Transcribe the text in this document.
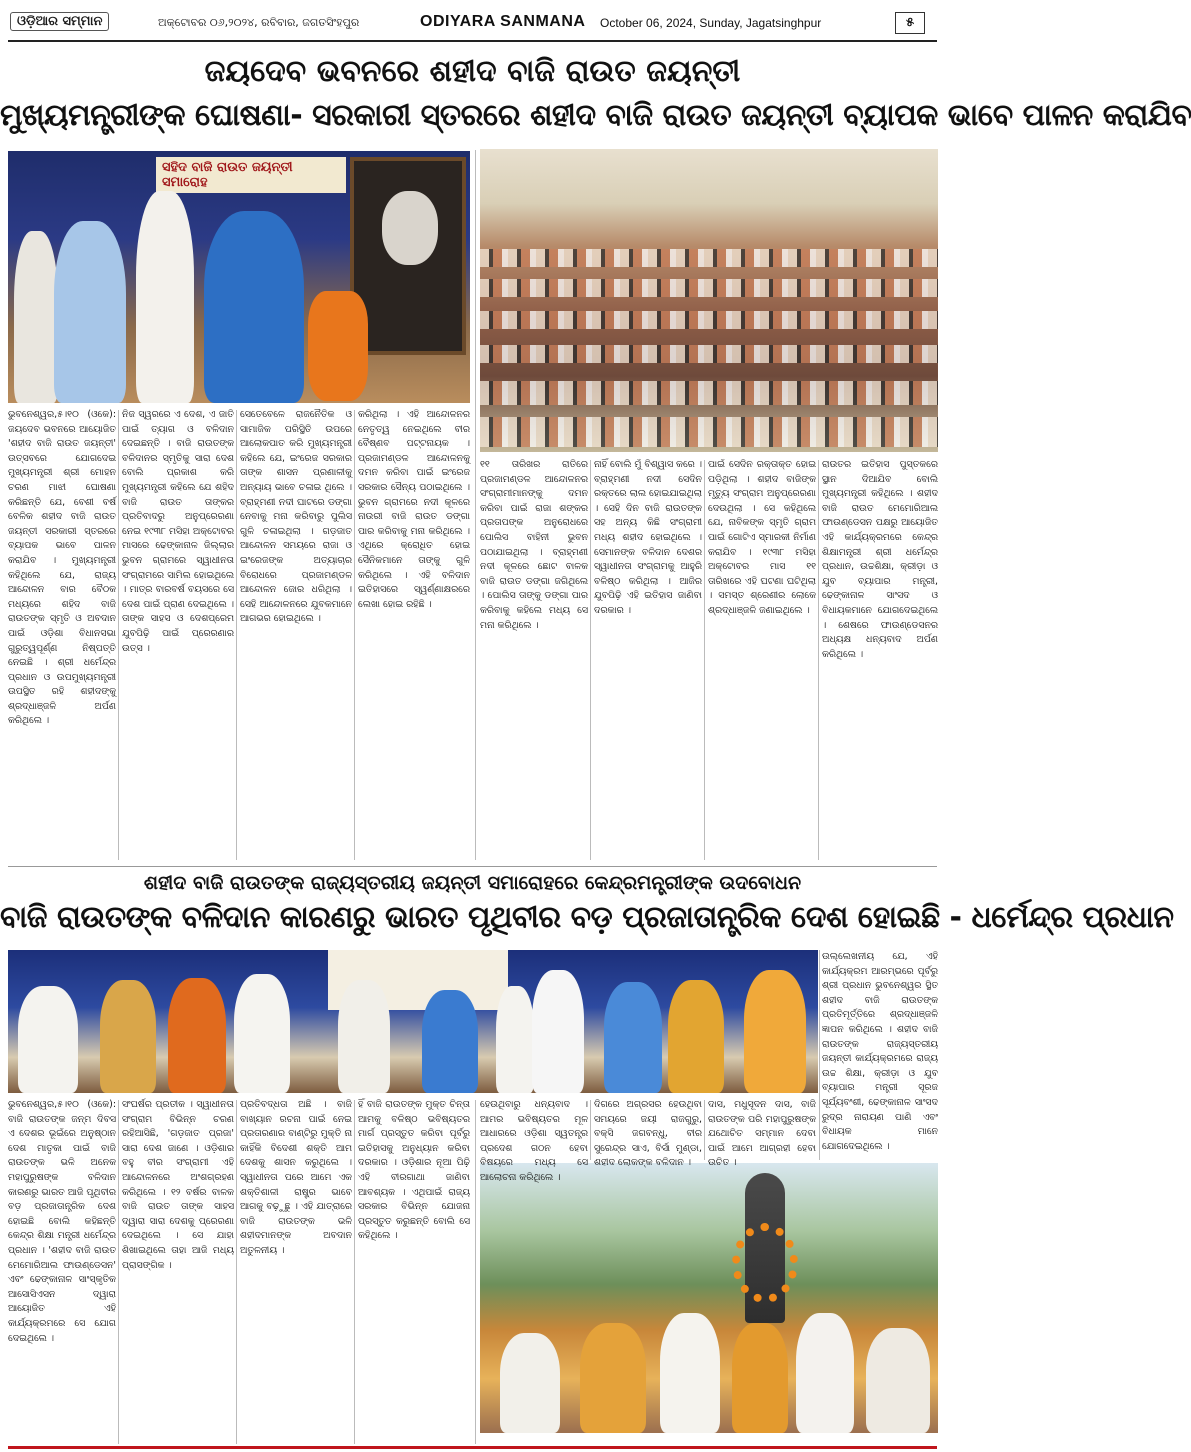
ଓଡ଼ିଆର ସମ୍ମାନ	ଅକ୍ଟୋବର ୦୬,୨୦୨୪, ରବିବାର, ଜଗତସିଂହପୁର	ODIYARA SANMANA October 06, 2024, Sunday, Jagatsinghpur	୫
ଜୟଦେବ ଭବନରେ ଶହୀଦ ବାଜି ରାଉତ ଜୟନ୍ତୀ
ମୁଖ୍ୟମନ୍ତ୍ରୀଙ୍କ ଘୋଷଣା- ସରକାରୀ ସ୍ତରରେ ଶହୀଦ ବାଜି ରାଉତ ଜୟନ୍ତୀ ବ୍ୟାପକ ଭାବେ ପାଳନ କରାଯିବ
ସହିଦ ବାଜି ରାଉତ ଜୟନ୍ତୀ ସମାରୋହ
ଭୁବନେଶ୍ୱର,୫।୧୦ (ଓକେ): ଜୟଦେବ ଭବନରେ ଆୟୋଜିତ 'ଶହୀଦ ବାଜି ରାଉତ ଜୟନ୍ତୀ' ଉତ୍ସବରେ ଯୋଗଦେଇ ମୁଖ୍ୟମନ୍ତ୍ରୀ ଶ୍ରୀ ମୋହନ ଚରଣ ମାଝୀ ଘୋଷଣା କରିଛନ୍ତି ଯେ, ବେଶୀ ବର୍ଷ ବେଳିକ ଶହୀଦ ବାଜି ରାଉତ ଜୟନ୍ତୀ ସରକାରୀ ସ୍ତରରେ ବ୍ୟାପକ ଭାବେ ପାଳନ କରାଯିବ । ମୁଖ୍ୟମନ୍ତ୍ରୀ କହିଥିଲେ ଯେ, ରାଜ୍ୟ ଆନ୍ଦୋଳନ ବାର ବୈଠକ ମଧ୍ୟରେ ଶହିଦ ବାଜି ରାଉତଙ୍କ ସ୍ମୃତି ଓ ଅବଦାନ ପାଇଁ ଓଡ଼ିଶା ବିଧାନସଭା ଗୁରୁତ୍ୱପୂର୍ଣ୍ଣ ନିଷ୍ପତ୍ତି ନେଇଛି । ଶ୍ରୀ ଧର୍ମେନ୍ଦ୍ର ପ୍ରଧାନ ଓ ଉପମୁଖ୍ୟମନ୍ତ୍ରୀ ଉପସ୍ଥିତ ରହି ଶହୀଦଙ୍କୁ ଶ୍ରଦ୍ଧାଞ୍ଜଳି ଅର୍ପଣ କରିଥିଲେ ।
ନିଜ ସ୍ୱରରେ ଏ ଦେଶ, ଏ ଜାତି ପାଇଁ ତ୍ୟାଗ ଓ ବଳିଦାନ ଦେଇଛନ୍ତି । ବାଜି ରାଉତଙ୍କ ବଳିଦାନର ସ୍ମୃତିକୁ ସାରା ଦେଶ ବୋଲି ପ୍ରକାଶ କରି ମୁଖ୍ୟମନ୍ତ୍ରୀ କହିଲେ ଯେ ଶହିଦ ବାଜି ରାଉତ ତାଙ୍କର ପ୍ରତିବାଦରୁ ଅନୁପ୍ରେରଣା ନେଇ ୧୯୩୮ ମସିହା ଅକ୍ଟୋବର ମାସରେ ଢେଙ୍କାନାଳ ଜିଲ୍ଲାର ଭୁବନ ଗ୍ରାମରେ ସ୍ୱାଧୀନତା ସଂଗ୍ରାମରେ ସାମିଲ ହୋଇଥିଲେ । ମାତ୍ର ବାରବର୍ଷ ବୟସରେ ସେ ଦେଶ ପାଇଁ ପ୍ରାଣ ଦେଇଥିଲେ । ତାଙ୍କ ସାହସ ଓ ଦେଶପ୍ରେମ ଯୁବପିଢ଼ି ପାଇଁ ପ୍ରେରଣାର ଉତ୍ସ ।
ସେତେବେଳେ ରାଜନୈତିକ ଓ ସାମାଜିକ ପରିସ୍ଥିତି ଉପରେ ଆଲୋକପାତ କରି ମୁଖ୍ୟମନ୍ତ୍ରୀ କହିଲେ ଯେ, ଇଂରେଜ ସରକାର ତାଙ୍କ ଶାସନ ପ୍ରଣାଳୀକୁ ଅନ୍ୟାୟ ଭାବେ ଚଳାଇ ଥିଲେ । ବ୍ରାହ୍ମଣୀ ନଦୀ ଘାଟରେ ଡଙ୍ଗା ନେବାକୁ ମନା କରିବାରୁ ପୁଲିସ ଗୁଳି ଚଳାଇଥିଲା । ଗଡ଼ଜାତ ଆନ୍ଦୋଳନ ସମୟରେ ରାଜା ଓ ଇଂରେଜଙ୍କ ଅତ୍ୟାଚାର ବିରୋଧରେ ପ୍ରଜାମଣ୍ଡଳ ଆନ୍ଦୋଳନ ଜୋର ଧରିଥିଲା । ସେହି ଆନ୍ଦୋଳନରେ ଯୁବକମାନେ ଆଗଭର ହୋଇଥିଲେ ।
କରିଥିଲା । ଏହି ଆନ୍ଦୋଳନର ନେତୃତ୍ୱ ନେଇଥିଲେ ବୀର ବୈଷ୍ଣବ ପଟ୍ଟନାୟକ । ପ୍ରଜାମଣ୍ଡଳ ଆନ୍ଦୋଳନକୁ ଦମନ କରିବା ପାଇଁ ଇଂରେଜ ସରକାର ସୈନ୍ୟ ପଠାଇଥିଲେ । ଭୁବନ ଗ୍ରାମରେ ନଦୀ କୂଳରେ ନାଉରୀ ବାଜି ରାଉତ ଡଙ୍ଗା ପାର କରିବାକୁ ମନା କରିଥିଲେ । ଏଥିରେ କ୍ରୋଧିତ ହୋଇ ସୈନିକମାନେ ତାଙ୍କୁ ଗୁଳି କରିଥିଲେ । ଏହି ବଳିଦାନ ଇତିହାସରେ ସ୍ୱର୍ଣ୍ଣାକ୍ଷରରେ ଲେଖା ହୋଇ ରହିଛି ।
୧୧ ତାରିଖର ରାତିରେ ପ୍ରଜାମଣ୍ଡଳ ଆନ୍ଦୋଳନର ସଂଗ୍ରାମୀମାନଙ୍କୁ ଦମନ କରିବା ପାଇଁ ରାଜା ଶଙ୍କର ପ୍ରତାପଙ୍କ ଅନୁରୋଧରେ ପୋଲିସ ବାହିନୀ ଭୁବନ ପଠାଯାଇଥିଲା । ବ୍ରାହ୍ମଣୀ ନଦୀ କୂଳରେ ଛୋଟ ବାଳକ ବାଜି ରାଉତ ଡଙ୍ଗା ଜଗିଥିଲେ । ପୋଲିସ ତାଙ୍କୁ ଡଙ୍ଗା ପାର କରିବାକୁ କହିଲେ ମଧ୍ୟ ସେ ମନା କରିଥିଲେ ।
ନାହିଁ ବୋଲି ମୁଁ ବିଶ୍ୱାସ କରେ । ବ୍ରାହ୍ମଣୀ ନଦୀ ସେଦିନ ରକ୍ତରେ ଲାଲ ହୋଇଯାଇଥିଲା । ସେହି ଦିନ ବାଜି ରାଉତଙ୍କ ସହ ଅନ୍ୟ କିଛି ସଂଗ୍ରାମୀ ମଧ୍ୟ ଶହୀଦ ହୋଇଥିଲେ । ସେମାନଙ୍କ ବଳିଦାନ ଦେଶର ସ୍ୱାଧୀନତା ସଂଗ୍ରାମକୁ ଆହୁରି ବଳିଷ୍ଠ କରିଥିଲା । ଆଜିର ଯୁବପିଢ଼ି ଏହି ଇତିହାସ ଜାଣିବା ଦରକାର ।
ପାଇଁ ସେଦିନ ରକ୍ତାକ୍ତ ହୋଇ ପଡ଼ିଥିଲା । ଶହୀଦ ବାଜିଙ୍କ ମୃତ୍ୟୁ ସଂଗ୍ରାମ ଅନୁପ୍ରେରଣା ଦେଉଥିଲା । ସେ କହିଥିଲେ ଯେ, ନାବିକଙ୍କ ସ୍ମୃତି ଗ୍ରାମ ପାଇଁ ଗୋଟିଏ ସ୍ମାରକୀ ନିର୍ମାଣ କରାଯିବ । ୧୯୩୮ ମସିହା ଅକ୍ଟୋବର ମାସ ୧୧ ତାରିଖରେ ଏହି ଘଟଣା ଘଟିଥିଲା । ସମସ୍ତ ଶ୍ରେଣୀର ଲୋକେ ଶ୍ରଦ୍ଧାଞ୍ଜଳି ଜଣାଇଥିଲେ ।
ରାଉତର ଇତିହାସ ପୁସ୍ତକରେ ସ୍ଥାନ ଦିଆଯିବ ବୋଲି ମୁଖ୍ୟମନ୍ତ୍ରୀ କହିଥିଲେ । ଶହୀଦ ବାଜି ରାଉତ ମେମୋରିଆଲ ଫାଉଣ୍ଡେସନ ପକ୍ଷରୁ ଆୟୋଜିତ ଏହି କାର୍ଯ୍ୟକ୍ରମରେ କେନ୍ଦ୍ର ଶିକ୍ଷାମନ୍ତ୍ରୀ ଶ୍ରୀ ଧର୍ମେନ୍ଦ୍ର ପ୍ରଧାନ, ଉଚ୍ଚଶିକ୍ଷା, କ୍ରୀଡ଼ା ଓ ଯୁବ ବ୍ୟାପାର ମନ୍ତ୍ରୀ, ଢେଙ୍କାନାଳ ସାଂସଦ ଓ ବିଧାୟକମାନେ ଯୋଗଦେଇଥିଲେ । ଶେଷରେ ଫାଉଣ୍ଡେସନର ଅଧ୍ୟକ୍ଷ ଧନ୍ୟବାଦ ଅର୍ପଣ କରିଥିଲେ ।
ଶହୀଦ ବାଜି ରାଉତଙ୍କ ରାଜ୍ୟସ୍ତରୀୟ ଜୟନ୍ତୀ ସମାରୋହରେ କେନ୍ଦ୍ରମନ୍ତ୍ରୀଙ୍କ ଉଦବୋଧନ
ବାଜି ରାଉତଙ୍କ ବଳିଦାନ କାରଣରୁ ଭାରତ ପୃଥିବୀର ବଡ଼ ପ୍ରଜାତାନ୍ତ୍ରିକ ଦେଶ ହୋଇଛି - ଧର୍ମେନ୍ଦ୍ର ପ୍ରଧାନ
ଭୁବନେଶ୍ୱର,୫।୧୦ (ଓକେ): ବାଜି ରାଉତଙ୍କ ଜନ୍ମ ଦିବସ ଏ ଦେଶର ଭୂଇଁରେ ଅନୁଷ୍ଠାନ ଦେଶ ମାତୃକା ପାଇଁ ବାଜି ରାଉତଙ୍କ ଭଳି ଅନେକ ମହାପୁରୁଷଙ୍କ ବଳିଦାନ କାରଣରୁ ଭାରତ ଆଜି ପୃଥିବୀର ବଡ଼ ପ୍ରଜାତାନ୍ତ୍ରିକ ଦେଶ ହୋଇଛି ବୋଲି କହିଛନ୍ତି କେନ୍ଦ୍ର ଶିକ୍ଷା ମନ୍ତ୍ରୀ ଧର୍ମେନ୍ଦ୍ର ପ୍ରଧାନ । 'ଶହୀଦ ବାଜି ରାଉତ ମେମୋରିଆଲ ଫାଉଣ୍ଡେସନ' ଏବଂ ଢେଙ୍କାନାଳ ସାଂସ୍କୃତିକ ଆସୋସିଏସନ ଦ୍ୱାରା ଆୟୋଜିତ ଏହି କାର୍ଯ୍ୟକ୍ରମରେ ସେ ଯୋଗ ଦେଇଥିଲେ ।
ସଂଘର୍ଷର ପ୍ରତୀକ । ସ୍ୱାଧୀନତା ସଂଗ୍ରାମ ବିଭିନ୍ନ ଚରଣ ରହିଆସିଛି, 'ଗଡ଼ଜାତ ପ୍ରଜା' ସାରା ଦେଶ ଜାଣେ । ଓଡ଼ିଶାର ବହୁ ବୀର ସଂଗ୍ରାମୀ ଏହି ଆନ୍ଦୋଳନରେ ଅଂଶଗ୍ରହଣ କରିଥିଲେ । ୧୨ ବର୍ଷର ବାଳକ ବାଜି ରାଉତ ତାଙ୍କ ସାହସ ଦ୍ୱାରା ସାରା ଦେଶକୁ ପ୍ରେରଣା ଦେଇଥିଲେ । ସେ ଯାହା ଶିଖାଇଥିଲେ ତାହା ଆଜି ମଧ୍ୟ ପ୍ରାସଙ୍ଗିକ ।
ପ୍ରତିବଦ୍ଧତା ଅଛି । ବାଜି ବାଖ୍ୟାନ ରଚନା ପାଇଁ ନେଇ ପ୍ରତାରଣାର ବାଣ୍ଟିରୁ ମୁକ୍ତି ନା କାହିଁକି ବିଦେଶୀ ଶକ୍ତି ଆମ ଦେଶକୁ ଶାସନ କରୁଥିଲେ । ସ୍ୱାଧୀନତା ପରେ ଆମେ ଏକ ଶକ୍ତିଶାଳୀ ରାଷ୍ଟ୍ର ଭାବେ ଆଗକୁ ବଢ଼ୁଛୁ । ଏହି ଯାତ୍ରାରେ ବାଜି ରାଉତଙ୍କ ଭଳି ଶହୀଦମାନଙ୍କ ଅବଦାନ ଅତୁଳନୀୟ ।
ହିଁ ବାଜି ରାଉତଙ୍କ ମୁକ୍ତ ଚିନ୍ତା ଆମକୁ ବଳିଷ୍ଠ ଭବିଷ୍ୟତର ମାର୍ଗ ପ୍ରସ୍ତୁତ କରିବା ପୂର୍ବରୁ ଇତିହାସକୁ ଅନୁଧ୍ୟାନ କରିବା ଦରକାର । ଓଡ଼ିଶାର ନୂଆ ପିଢ଼ି ଏହି ବୀରଗାଥା ଜାଣିବା ଆବଶ୍ୟକ । ଏଥିପାଇଁ ରାଜ୍ୟ ସରକାର ବିଭିନ୍ନ ଯୋଜନା ପ୍ରସ୍ତୁତ କରୁଛନ୍ତି ବୋଲି ସେ କହିଥିଲେ ।
ହେଉଥିବାରୁ ଧନ୍ୟବାଦ । ଆମର ଭବିଷ୍ୟତର ମୂଳ ଆଧାରରେ ଓଡ଼ିଶା ସ୍ୱତନ୍ତ୍ର ପ୍ରଦେଶ ଗଠନ ହେବା ବିଷୟରେ ମଧ୍ୟ ସେ ଆଲୋଚନା କରିଥିଲେ ।
ଦିଗରେ ଅଗ୍ରସର ହେଉଥିବା ସମୟରେ ଜୟୀ ରାଜଗୁରୁ, ବକ୍ସି ଜଗବନ୍ଧୁ, ବୀର ସୁରେନ୍ଦ୍ର ସାଏ, ବିର୍ସା ମୁଣ୍ଡା, ଶହୀଦ ଲୋକଙ୍କ ବଳିଦାନ ।
ଦାସ, ମଧୁସୂଦନ ଦାସ, ବାଜି ରାଉତଙ୍କ ପରି ମହାପୁରୁଷଙ୍କ ଯଥୋଚିତ ସମ୍ମାନ ଦେବା ପାଇଁ ଆମେ ଆଗ୍ରହୀ ହେବା ଉଚିତ ।
ଉଲ୍ଲେଖନୀୟ ଯେ, ଏହି କାର୍ଯ୍ୟକ୍ରମ ଆରମ୍ଭରେ ପୂର୍ବରୁ ଶ୍ରୀ ପ୍ରଧାନ ଭୁବନେଶ୍ୱର ସ୍ଥିତ ଶହୀଦ ବାଜି ରାଉତଙ୍କ ପ୍ରତିମୂର୍ତ୍ତିରେ ଶ୍ରଦ୍ଧାଞ୍ଜଳି ଜ୍ଞାପନ କରିଥିଲେ । ଶହୀଦ ବାଜି ରାଉତଙ୍କ ରାଜ୍ୟସ୍ତରୀୟ ଜୟନ୍ତୀ କାର୍ଯ୍ୟକ୍ରମରେ ରାଜ୍ୟ ଉଚ୍ଚ ଶିକ୍ଷା, କ୍ରୀଡ଼ା ଓ ଯୁବ ବ୍ୟାପାର ମନ୍ତ୍ରୀ ସୂରଜ ସୂର୍ଯ୍ୟବଂଶୀ, ଢେଙ୍କାନାଳ ସାଂସଦ ରୁଦ୍ର ନାରାୟଣ ପାଣି ଏବଂ ବିଧାୟକ ମାନେ ଯୋଗଦେଇଥିଲେ ।
